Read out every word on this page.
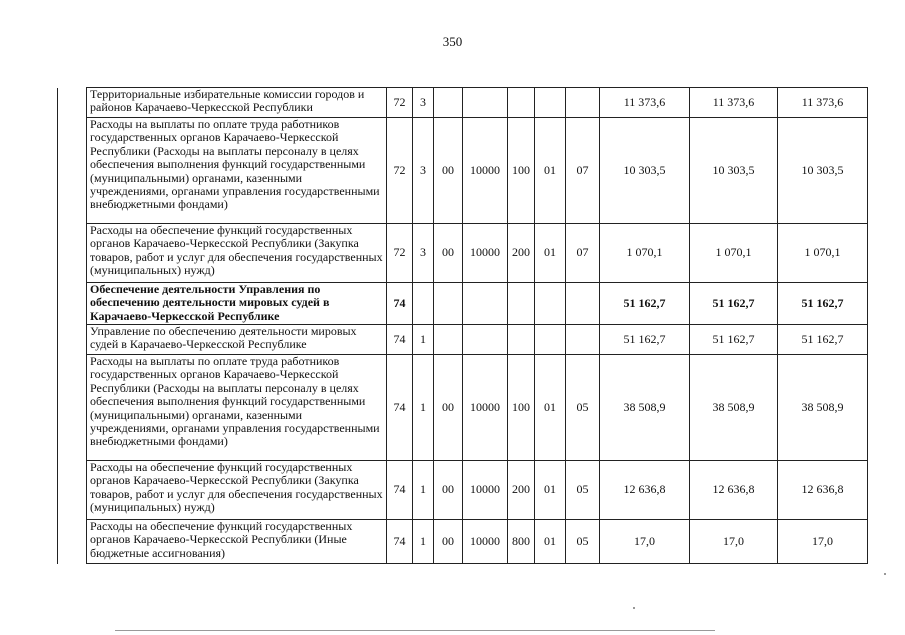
350
	Территориальные избирательные комиссии городов и районов Карачаево-Черкесской Республики	72	3						11 373,6	11 373,6	11 373,6
	Расходы на выплаты по оплате труда работников государственных органов Карачаево-Черкесской Республики (Расходы на выплаты персоналу в целях обеспечения выполнения функций государственными (муниципальными) органами, казенными учреждениями, органами управления государственными внебюджетными фондами)	72	3	00	10000	100	01	07	10 303,5	10 303,5	10 303,5
	Расходы на обеспечение функций государственных органов Карачаево-Черкесской Республики (Закупка товаров, работ и услуг для обеспечения государственных (муниципальных) нужд)	72	3	00	10000	200	01	07	1 070,1	1 070,1	1 070,1
	Обеспечение деятельности Управления по обеспечению деятельности мировых судей в Карачаево-Черкесской Республике	74							51 162,7	51 162,7	51 162,7
	Управление по обеспечению деятельности мировых судей в Карачаево-Черкесской Республике	74	1						51 162,7	51 162,7	51 162,7
	Расходы на выплаты по оплате труда работников государственных органов Карачаево-Черкесской Республики (Расходы на выплаты персоналу в целях обеспечения выполнения функций государственными (муниципальными) органами, казенными учреждениями, органами управления государственными внебюджетными фондами)	74	1	00	10000	100	01	05	38 508,9	38 508,9	38 508,9
	Расходы на обеспечение функций государственных органов Карачаево-Черкесской Республики (Закупка товаров, работ и услуг для обеспечения государственных (муниципальных) нужд)	74	1	00	10000	200	01	05	12 636,8	12 636,8	12 636,8
	Расходы на обеспечение функций государственных органов Карачаево-Черкесской Республики (Иные бюджетные ассигнования)	74	1	00	10000	800	01	05	17,0	17,0	17,0
